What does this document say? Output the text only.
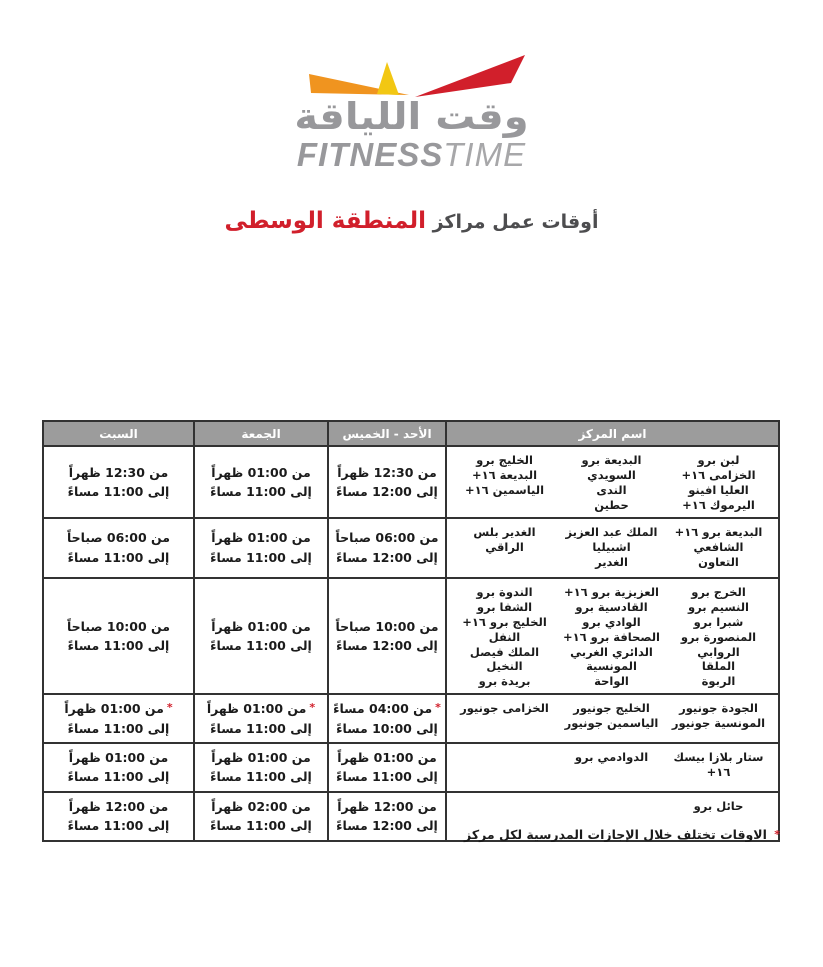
وقت اللياقة
FITNESSTIME
أوقات عمل مراكز المنطقة الوسطى
اسم المركز
الأحد - الخميس
الجمعة
السبت
لبن برو
الخزامى ١٦+
العليا افينو
اليرموك ١٦+
البديعة برو
السويدي
الندى
حطين
الخليج برو
البديعة ١٦+
الياسمين ١٦+
من 12:30 ظهراً
إلى 12:00 مساءً
من 01:00 ظهراً
إلى 11:00 مساءً
من 12:30 ظهراً
إلى 11:00 مساءً
البديعة برو ١٦+
الشافعي
التعاون
الملك عبد العزيز
اشبيليا
الغدير
الغدير بلس
الراقي
من 06:00 صباحاً
إلى 12:00 مساءً
من 01:00 ظهراً
إلى 11:00 مساءً
من 06:00 صباحاً
إلى 11:00 مساءً
الخرج برو
النسيم برو
شبرا برو
المنصورة برو
الروابي
الملقا
الربوة
العزيزية برو ١٦+
القادسية برو
الوادي برو
الصحافة برو ١٦+
الدائري الغربي
المونسية
الواحة
الندوة برو
الشفا برو
الخليج برو ١٦+
النفل
الملك فيصل
النخيل
بريدة برو
من 10:00 صباحاً
إلى 12:00 مساءً
من 01:00 ظهراً
إلى 11:00 مساءً
من 10:00 صباحاً
إلى 11:00 مساءً
الجودة جونيور
المونسية جونيور
الخليج جونيور
الياسمين جونيور
الخزامى جونيور
*من 04:00 مساءً
إلى 10:00 مساءً
*من 01:00 ظهراً
إلى 11:00 مساءً
*من 01:00 ظهراً
إلى 11:00 مساءً
ستار بلازا بيسك ١٦+
الدوادمي برو
من 01:00 ظهراً
إلى 11:00 مساءً
من 01:00 ظهراً
إلى 11:00 مساءً
من 01:00 ظهراً
إلى 11:00 مساءً
حائل برو
من 12:00 ظهراً
إلى 12:00 مساءً
من 02:00 ظهراً
إلى 11:00 مساءً
من 12:00 ظهراً
إلى 11:00 مساءً
* الاوقات تختلف خلال الإجازات المدرسية لكل مركز
